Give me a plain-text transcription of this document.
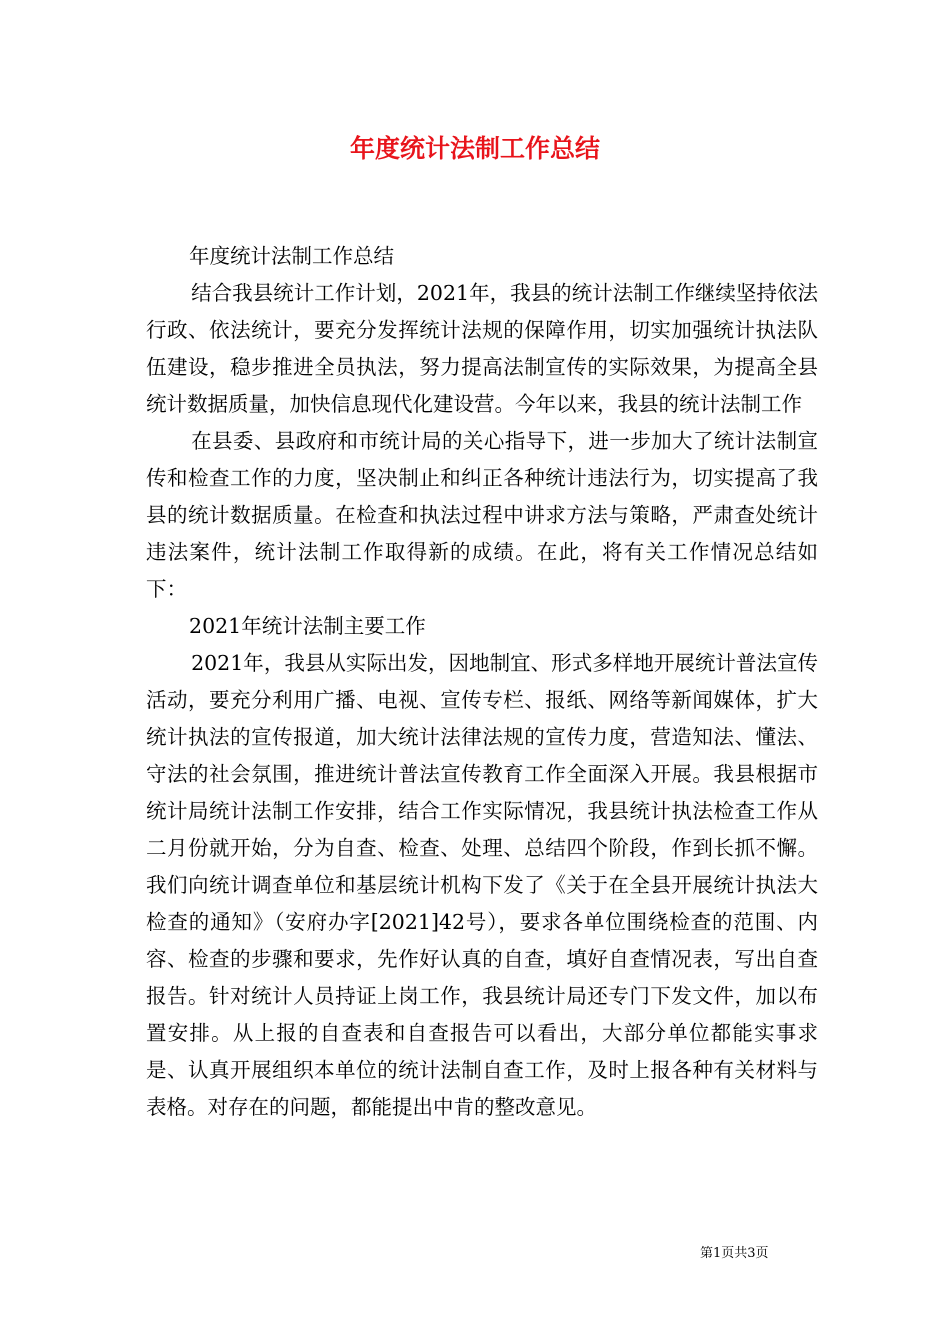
年度统计法制工作总结

年度统计法制工作总结

结合我县统计工作计划，2021年，我县的统计法制工作继续坚持依法行政、依法统计，要充分发挥统计法规的保障作用，切实加强统计执法队伍建设，稳步推进全员执法，努力提高法制宣传的实际效果，为提高全县统计数据质量，加快信息现代化建设营。今年以来，我县的统计法制工作

在县委、县政府和市统计局的关心指导下，进一步加大了统计法制宣传和检查工作的力度，坚决制止和纠正各种统计违法行为，切实提高了我县的统计数据质量。在检查和执法过程中讲求方法与策略，严肃查处统计违法案件，统计法制工作取得新的成绩。在此，将有关工作情况总结如下：

2021年统计法制主要工作

2021年，我县从实际出发，因地制宜、形式多样地开展统计普法宣传活动，要充分利用广播、电视、宣传专栏、报纸、网络等新闻媒体，扩大统计执法的宣传报道，加大统计法律法规的宣传力度，营造知法、懂法、守法的社会氛围，推进统计普法宣传教育工作全面深入开展。我县根据市统计局统计法制工作安排，结合工作实际情况，我县统计执法检查工作从二月份就开始，分为自查、检查、处理、总结四个阶段，作到长抓不懈。我们向统计调查单位和基层统计机构下发了《关于在全县开展统计执法大检查的通知》（安府办字[2021]42号），要求各单位围绕检查的范围、内容、检查的步骤和要求，先作好认真的自查，填好自查情况表，写出自查报告。针对统计人员持证上岗工作，我县统计局还专门下发文件，加以布置安排。从上报的自查表和自查报告可以看出，大部分单位都能实事求是、认真开展组织本单位的统计法制自查工作，及时上报各种有关材料与表格。对存在的问题，都能提出中肯的整改意见。

第1页共3页
